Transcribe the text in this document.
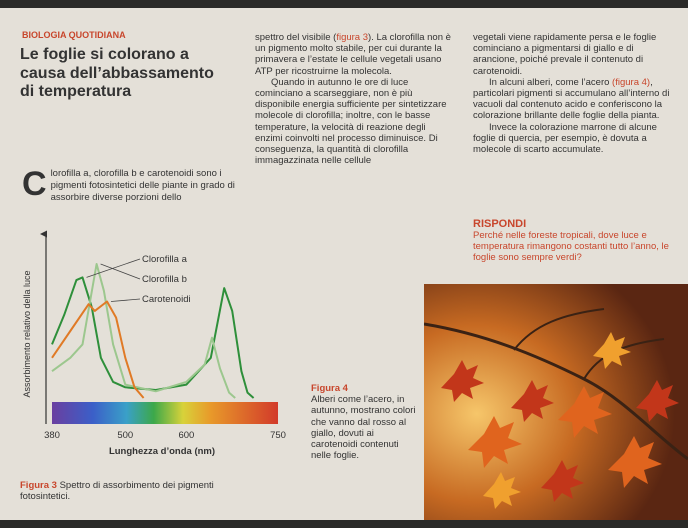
BIOLOGIA QUOTIDIANA
Le foglie si colorano a causa dell’abbassamento di temperatura
Clorofilla a, clorofilla b e carotenoidi sono i pigmenti fotosintetici delle piante in grado di assorbire diverse porzioni dello

spettro del visibile (figura 3). La clorofilla non è un pigmento molto stabile, per cui durante la primavera e l’estate le cellule vegetali usano ATP per ricostruirne la molecola.

Quando in autunno le ore di luce cominciano a scarseggiare, non è più disponibile energia sufficiente per sintetizzare molecole di clorofilla; inoltre, con le basse temperature, la velocità di reazione degli enzimi coinvolti nel processo diminuisce. Di conseguenza, la quantità di clorofilla immagazzinata nelle cellule

vegetali viene rapidamente persa e le foglie cominciano a pigmentarsi di giallo e di arancione, poiché prevale il contenuto di carotenoidi.

In alcuni alberi, come l’acero (figura 4), particolari pigmenti si accumulano all’interno di vacuoli dal contenuto acido e conferiscono la colorazione brillante delle foglie della pianta.

Invece la colorazione marrone di alcune foglie di quercia, per esempio, è dovuta a molecole di scarto accumulate.

RISPONDI
Perché nelle foreste tropicali, dove luce e temperatura rimangono costanti tutto l’anno, le foglie sono sempre verdi?
Clorofilla a
Clorofilla b
Carotenoidi
380	500	600	750
Assorbimento relativo della luce
Lunghezza d’onda (nm)
Figura 3 Spettro di assorbimento dei pigmenti fotosintetici.
Figura 4
Alberi come l’acero, in autunno, mostrano colori che vanno dal rosso al giallo, dovuti ai carotenoidi contenuti nelle foglie.
